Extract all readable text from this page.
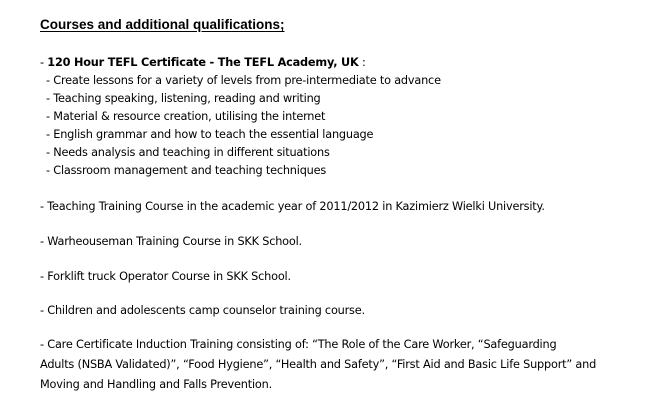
Courses and additional qualifications;
- 120 Hour TEFL Certificate - The TEFL Academy, UK :
- Create lessons for a variety of levels from pre-intermediate to advance
- Teaching speaking, listening, reading and writing
- Material & resource creation, utilising the internet
- English grammar and how to teach the essential language
- Needs analysis and teaching in different situations
- Classroom management and teaching techniques
- Teaching Training Course in the academic year of 2011/2012 in Kazimierz Wielki University.
- Warheouseman Training Course in SKK School.
- Forklift truck Operator Course in SKK School.
- Children and adolescents camp counselor training course.
- Care Certificate Induction Training consisting of: “The Role of the Care Worker, “Safeguarding
Adults (NSBA Validated)”, “Food Hygiene”, “Health and Safety”, “First Aid and Basic Life Support” and
Moving and Handling and Falls Prevention.
